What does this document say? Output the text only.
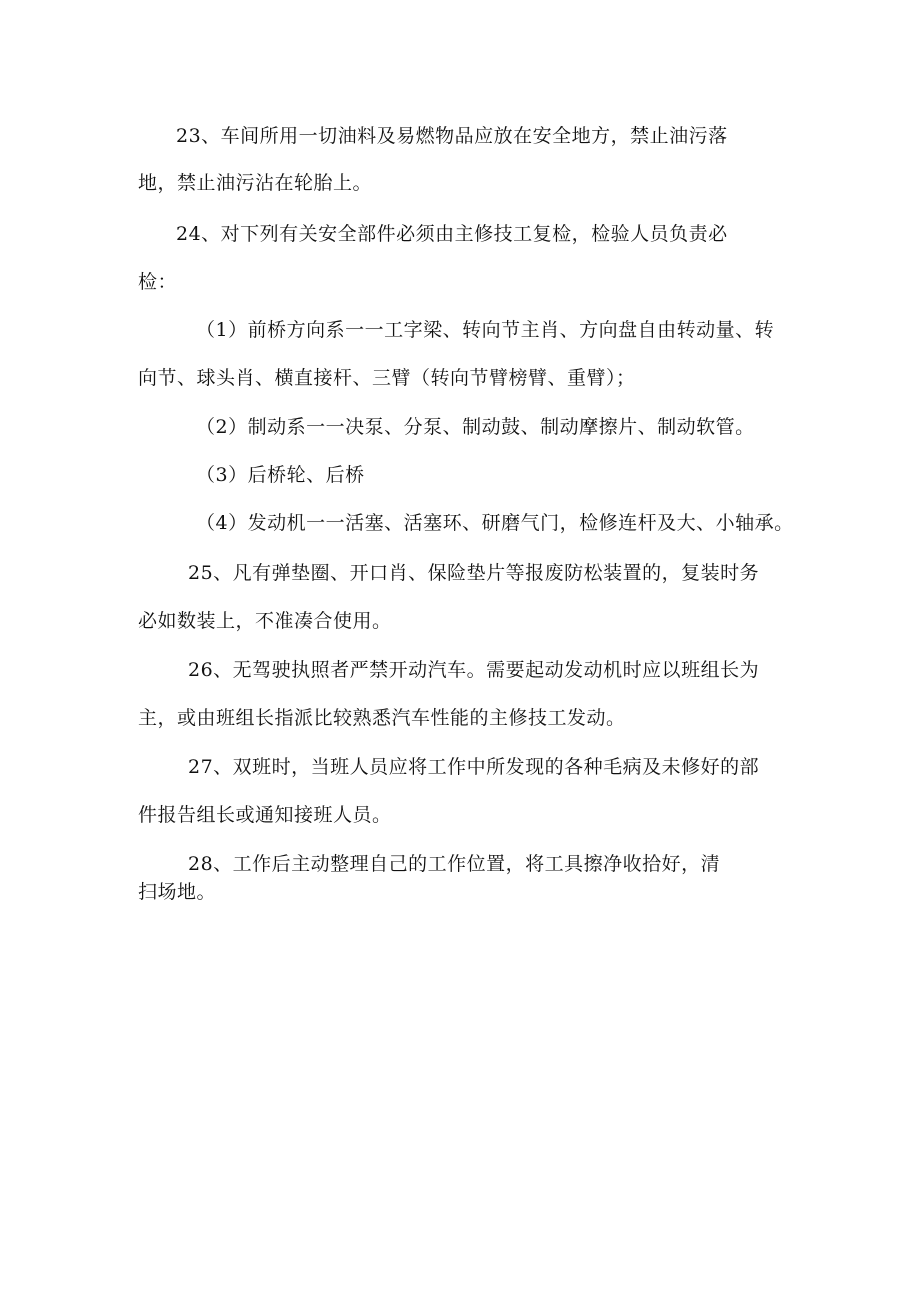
23、车间所用一切油料及易燃物品应放在安全地方，禁止油污落
地，禁止油污沾在轮胎上。
24、对下列有关安全部件必须由主修技工复检，检验人员负责必
检：
（1）前桥方向系一一工字梁、转向节主肖、方向盘自由转动量、转
向节、球头肖、横直接杆、三臂（转向节臂榜臂、重臂）；
（2）制动系一一决泵、分泵、制动鼓、制动摩擦片、制动软管。
（3）后桥轮、后桥
（4）发动机一一活塞、活塞环、研磨气门，检修连杆及大、小轴承。
25、凡有弹垫圈、开口肖、保险垫片等报废防松装置的，复装时务
必如数装上，不准凑合使用。
26、无驾驶执照者严禁开动汽车。需要起动发动机时应以班组长为
主，或由班组长指派比较熟悉汽车性能的主修技工发动。
27、双班时，当班人员应将工作中所发现的各种毛病及未修好的部
件报告组长或通知接班人员。
28、工作后主动整理自己的工作位置，将工具擦净收拾好，清
扫场地。
